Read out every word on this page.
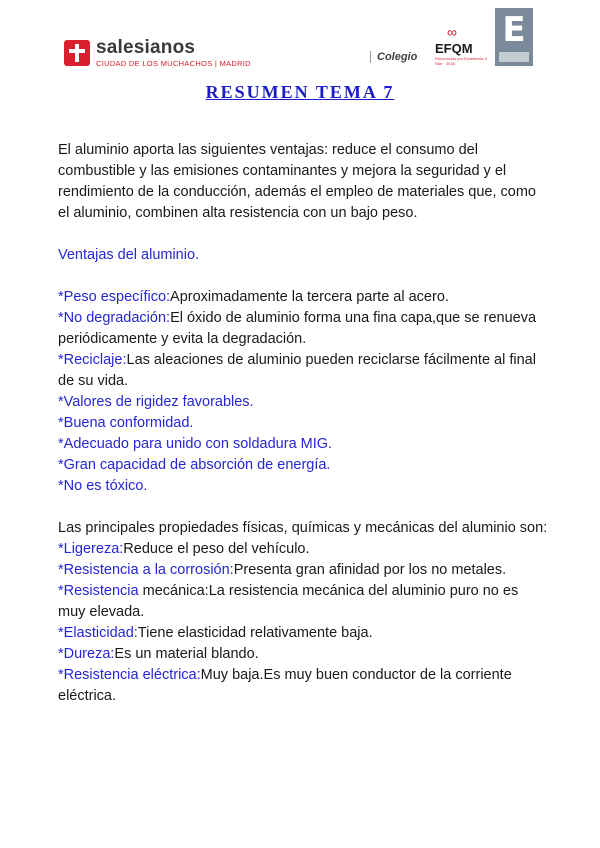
salesianos
CIUDAD DE LOS MUCHACHOS | MADRID
Colegio
∞
EFQM
Reconocido por Excelencia 4 Star · 2016
E
RESUMEN TEMA 7

El aluminio aporta las siguientes ventajas: reduce el consumo del combustible y las emisiones contaminantes y mejora la seguridad y el rendimiento de la conducción, además el empleo de materiales que, como el aluminio, combinen alta resistencia con un bajo peso.

Ventajas del aluminio.

*Peso específico:Aproximadamente la tercera parte al acero.

*No degradación:El óxido de aluminio forma una fina capa,que se renueva periódicamente y evita la degradación.

*Reciclaje:Las aleaciones de aluminio pueden reciclarse fácilmente al final de su vida.

*Valores de rigidez favorables.

*Buena conformidad.

*Adecuado para unido con soldadura MIG.

*Gran capacidad de absorción de energía.

*No es tóxico.

Las principales propiedades físicas, químicas y mecánicas del aluminio son:

*Ligereza:Reduce el peso del vehículo.

*Resistencia a la corrosión:Presenta gran afinidad por los no metales.

*Resistencia mecánica:La resistencia mecánica del aluminio puro no es muy elevada.

*Elasticidad:Tiene elasticidad relativamente baja.

*Dureza:Es un material blando.

*Resistencia eléctrica:Muy baja.Es muy buen conductor de la corriente eléctrica.
